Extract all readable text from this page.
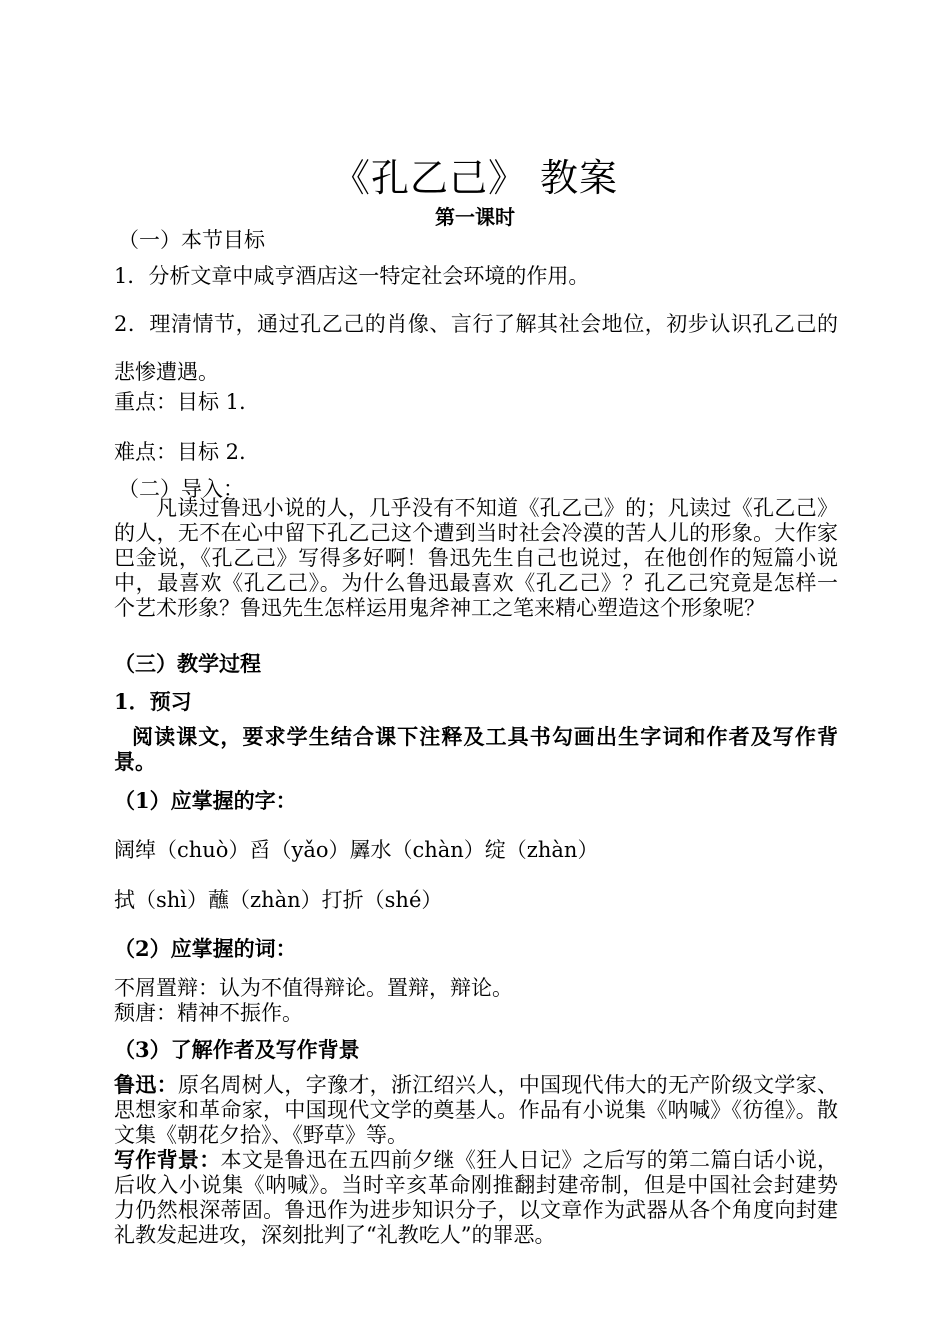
《孔乙己》 教案
第一课时
（一）本节目标
1．分析文章中咸亨酒店这一特定社会环境的作用。
2．理清情节，通过孔乙己的肖像、言行了解其社会地位，初步认识孔乙己的悲惨遭遇。
重点：目标 1.
难点：目标 2.
（二）导入：
凡读过鲁迅小说的人，几乎没有不知道《孔乙己》的；凡读过《孔乙己》的人，无不在心中留下孔乙己这个遭到当时社会冷漠的苦人儿的形象。大作家巴金说，《孔乙己》写得多好啊！鲁迅先生自己也说过，在他创作的短篇小说中，最喜欢《孔乙己》。为什么鲁迅最喜欢《孔乙己》？孔乙己究竟是怎样一个艺术形象？鲁迅先生怎样运用鬼斧神工之笔来精心塑造这个形象呢？
（三）教学过程
1．预习
阅读课文，要求学生结合课下注释及工具书勾画出生字词和作者及写作背景。
（1）应掌握的字：
阔绰（chuò）舀（yǎo）羼水（chàn）绽（zhàn）
拭（shì）蘸（zhàn）打折（shé）
（2）应掌握的词：
不屑置辩：认为不值得辩论。置辩，辩论。
颓唐：精神不振作。
（3）了解作者及写作背景
鲁迅：原名周树人，字豫才，浙江绍兴人，中国现代伟大的无产阶级文学家、思想家和革命家，中国现代文学的奠基人。作品有小说集《呐喊》《彷徨》。散文集《朝花夕拾》、《野草》等。
写作背景：本文是鲁迅在五四前夕继《狂人日记》之后写的第二篇白话小说，后收入小说集《呐喊》。当时辛亥革命刚推翻封建帝制，但是中国社会封建势力仍然根深蒂固。鲁迅作为进步知识分子，以文章作为武器从各个角度向封建礼教发起进攻，深刻批判了“礼教吃人”的罪恶。
